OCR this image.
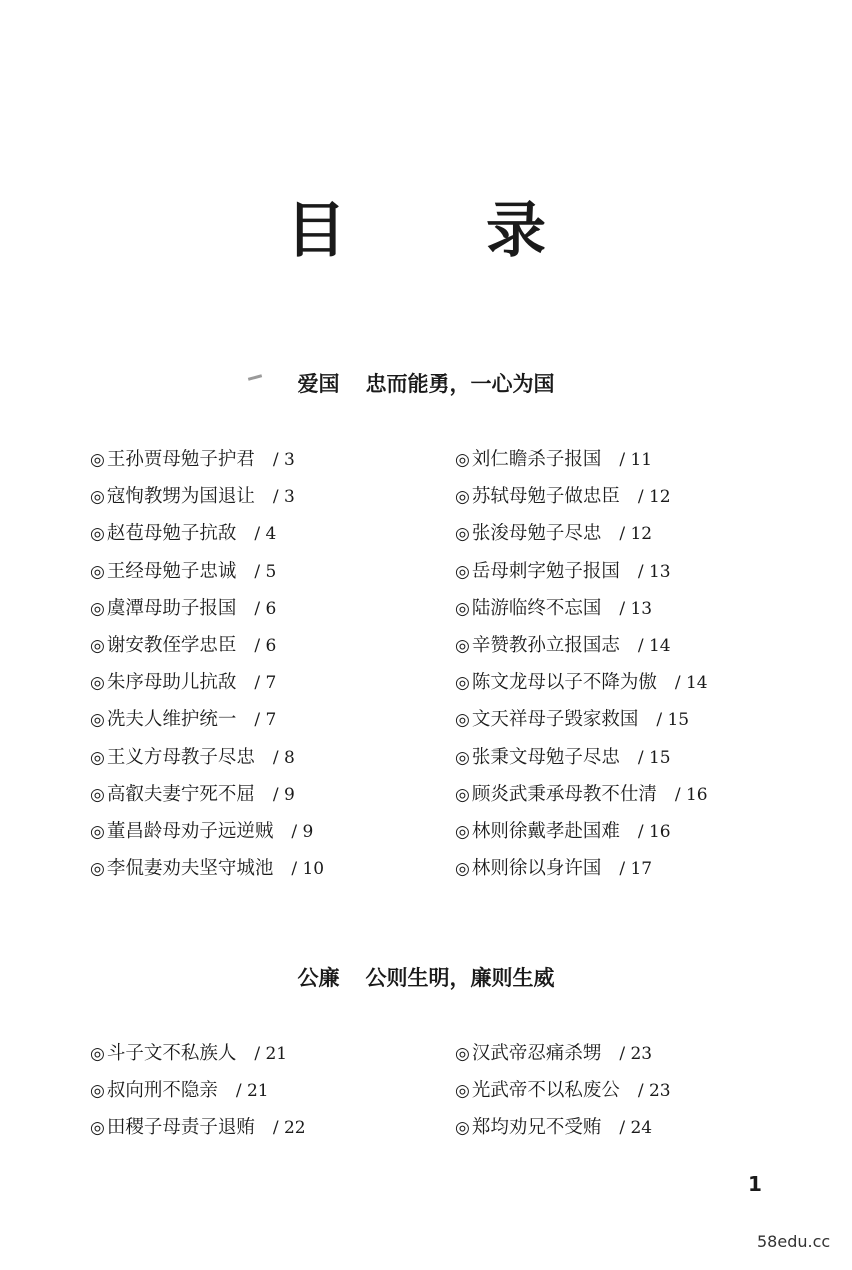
目　录
爱国 忠而能勇，一心为国
◎ 王孙贾母勉子护君 / 3
◎ 寇恂教甥为国退让 / 3
◎ 赵苞母勉子抗敌 / 4
◎ 王经母勉子忠诚 / 5
◎ 虞潭母助子报国 / 6
◎ 谢安教侄学忠臣 / 6
◎ 朱序母助儿抗敌 / 7
◎ 冼夫人维护统一 / 7
◎ 王义方母教子尽忠 / 8
◎ 高叡夫妻宁死不屈 / 9
◎ 董昌龄母劝子远逆贼 / 9
◎ 李侃妻劝夫坚守城池 / 10
◎ 刘仁瞻杀子报国 / 11
◎ 苏轼母勉子做忠臣 / 12
◎ 张浚母勉子尽忠 / 12
◎ 岳母刺字勉子报国 / 13
◎ 陆游临终不忘国 / 13
◎ 辛赞教孙立报国志 / 14
◎ 陈文龙母以子不降为傲 / 14
◎ 文天祥母子毁家救国 / 15
◎ 张秉文母勉子尽忠 / 15
◎ 顾炎武秉承母教不仕清 / 16
◎ 林则徐戴孝赴国难 / 16
◎ 林则徐以身许国 / 17
公廉 公则生明，廉则生威
◎ 斗子文不私族人 / 21
◎ 叔向刑不隐亲 / 21
◎ 田稷子母责子退贿 / 22
◎ 汉武帝忍痛杀甥 / 23
◎ 光武帝不以私废公 / 23
◎ 郑均劝兄不受贿 / 24
1
58edu.cc
